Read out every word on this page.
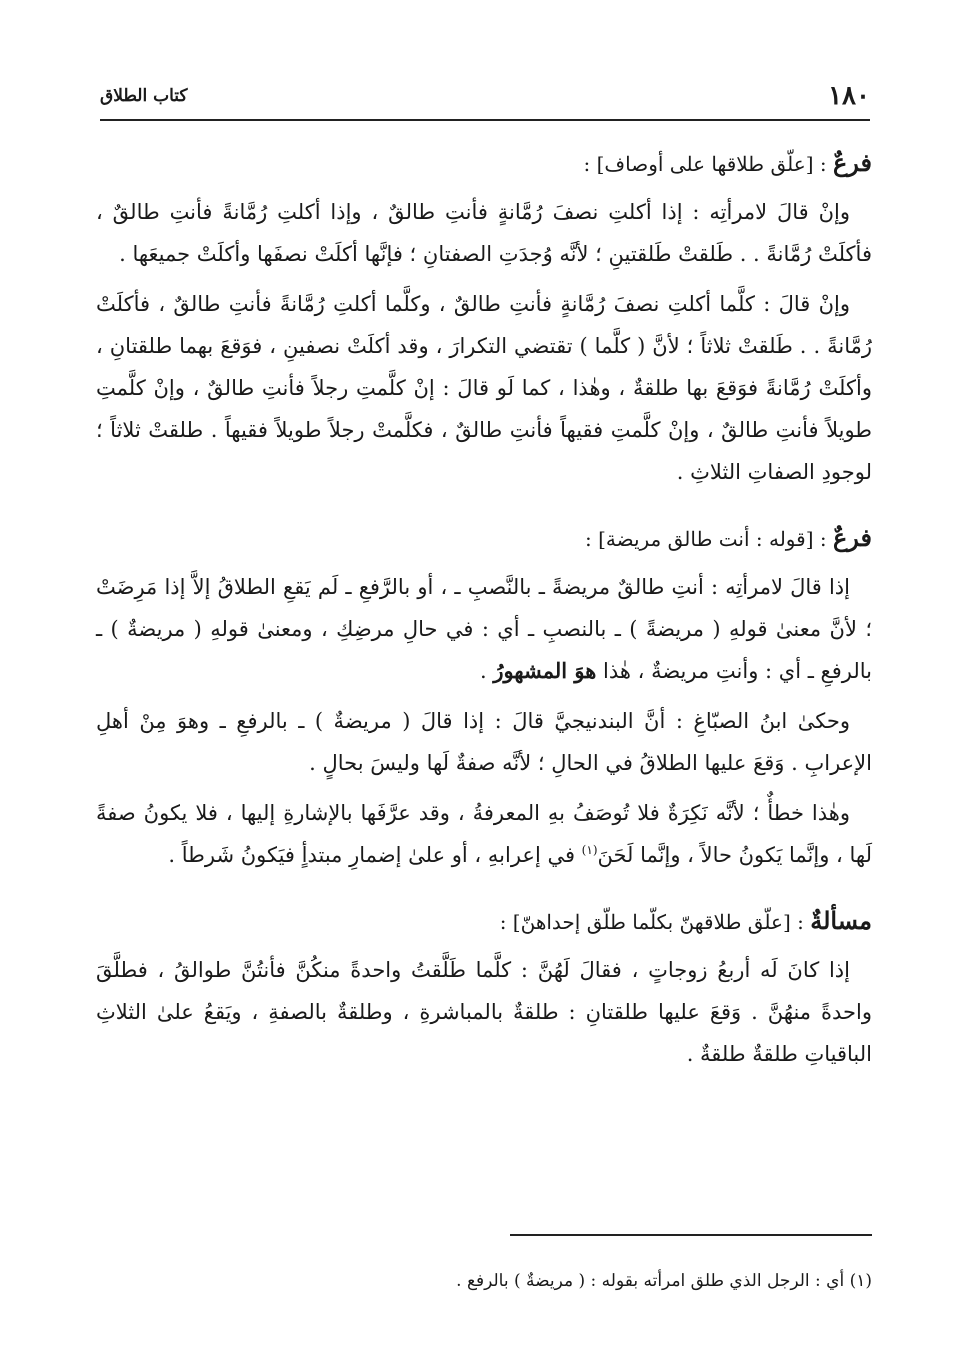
١٨٠
كتاب الطلاق
فرعٌ : [علّق طلاقها على أوصاف] :

وإنْ قالَ لامرأتِه : إذا أكلتِ نصفَ رُمَّانةٍ فأنتِ طالقٌ ، وإذا أكلتِ رُمَّانةً فأنتِ طالقٌ ، فأكلَتْ رُمَّانةً . . طَلقتْ طَلقتينِ ؛ لأنَّه وُجدَتِ الصفتانِ ؛ فإنَّها أكلَتْ نصفَها وأكلَتْ جميعَها .

وإنْ قالَ : كلَّما أكلتِ نصفَ رُمَّانةٍ فأنتِ طالقٌ ، وكلَّما أكلتِ رُمَّانةً فأنتِ طالقٌ ، فأكلَتْ رُمَّانةً . . طَلقتْ ثلاثاً ؛ لأنَّ ( كلَّما ) تقتضي التكرارَ ، وقد أكلَتْ نصفينِ ، فوَقعَ بهما طلقتانِ ، وأكلَتْ رُمَّانةً فوَقعَ بها طلقةٌ ، وهٰذا ، كما لَو قالَ : إنْ كلَّمتِ رجلاً فأنتِ طالقٌ ، وإنْ كلَّمتِ طويلاً فأنتِ طالقٌ ، وإنْ كلَّمتِ فقيهاً فأنتِ طالقٌ ، فكلَّمتْ رجلاً طويلاً فقيهاً . طلقتْ ثلاثاً ؛ لوجودِ الصفاتِ الثلاثِ .

فرعٌ : [قوله : أنت طالق مريضة] :

إذا قالَ لامرأتِه : أنتِ طالقٌ مريضةً ـ بالنَّصبِ ـ ، أو بالرَّفعِ ـ لَم يَقعِ الطلاقُ إلاَّ إذا مَرِضَتْ ؛ لأنَّ معنىٰ قولهِ ( مريضةً ) ـ بالنصبِ ـ أي : في حالِ مرضِكِ ، ومعنىٰ قولهِ ( مريضةٌ ) ـ بالرفعِ ـ أي : وأنتِ مريضةٌ ، هٰذا هوَ المشهورُ .

وحكىٰ ابنُ الصبّاغِ : أنَّ البندنيجيَّ قالَ : إذا قالَ ( مريضةٌ ) ـ بالرفعِ ـ وهوَ مِنْ أهلِ الإعرابِ . وَقعَ عليها الطلاقُ في الحالِ ؛ لأنَّه صفةٌ لَها وليسَ بحالٍ .

وهٰذا خطأٌ ؛ لأنَّه نَكِرَةٌ فلا تُوصَفُ بهِ المعرفةُ ، وقد عرَّفَها بالإشارةِ إليها ، فلا يكونُ صفةً لَها ، وإنَّما يَكونُ حالاً ، وإنَّما لَحَنَ$^{(١)}$ في إعرابهِ ، أو علىٰ إضمارِ مبتدأٍ فيَكونُ شَرطاً .

مسألةٌ : [علّق طلاقهنّ بكلّما طلّق إحداهنّ] :

إذا كانَ لَه أربعُ زوجاتٍ ، فقالَ لَهُنَّ : كلَّما طَلَّقتُ واحدةً منكُنَّ فأنتُنَّ طوالقُ ، فطلَّقَ واحدةً منهُنَّ . وَقعَ عليها طلقتانِ : طلقةٌ بالمباشرةِ ، وطلقةٌ بالصفةِ ، ويَقعُ علىٰ الثلاثِ الباقياتِ طلقةٌ طلقةٌ .

(١) أي : الرجل الذي طلق امرأته بقوله : ( مريضةٌ ) بالرفع .
